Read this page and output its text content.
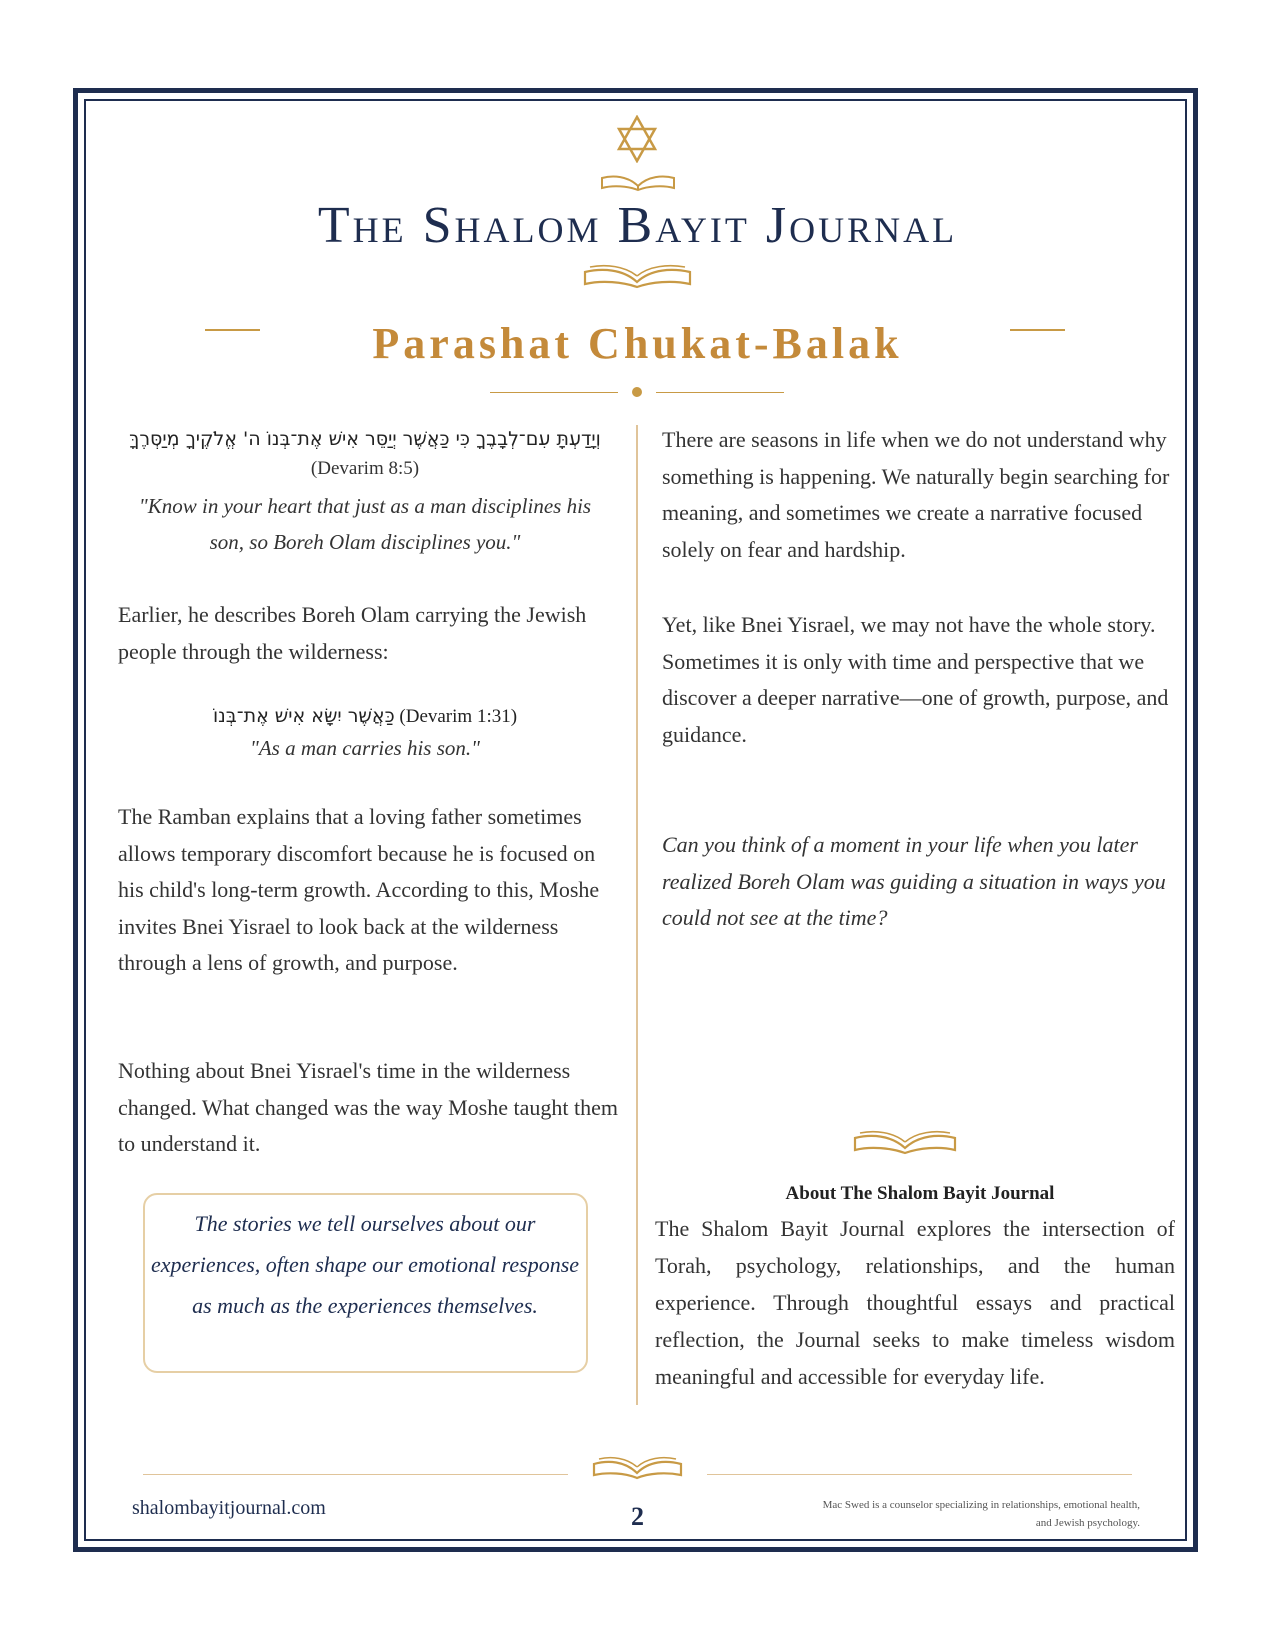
The Shalom Bayit Journal
Parashat Chukat-Balak
וְיָדַעְתָּ עִם־לְבָבֶךָ כִּי כַּאֲשֶׁר יְיַסֵּר אִישׁ אֶת־בְּנוֹ ה' אֱלֹקֶיךָ מְיַסְּרֶךָּ
(Devarim 8:5)
"Know in your heart that just as a man disciplines his son, so Boreh Olam disciplines you."

Earlier, he describes Boreh Olam carrying the Jewish people through the wilderness:

כַּאֲשֶׁר יִשָּׂא אִישׁ אֶת־בְּנוֹ (Devarim 1:31)
"As a man carries his son."

The Ramban explains that a loving father sometimes allows temporary discomfort because he is focused on his child's long-term growth. According to this, Moshe invites Bnei Yisrael to look back at the wilderness through a lens of growth, and purpose.

Nothing about Bnei Yisrael's time in the wilderness changed. What changed was the way Moshe taught them to understand it.

The stories we tell ourselves about our experiences, often shape our emotional response as much as the experiences themselves.

There are seasons in life when we do not understand why something is happening. We naturally begin searching for meaning, and sometimes we create a narrative focused solely on fear and hardship.

Yet, like Bnei Yisrael, we may not have the whole story. Sometimes it is only with time and perspective that we discover a deeper narrative—one of growth, purpose, and guidance.

Can you think of a moment in your life when you later realized Boreh Olam was guiding a situation in ways you could not see at the time?

About The Shalom Bayit Journal

The Shalom Bayit Journal explores the intersection of Torah, psychology, relationships, and the human experience. Through thoughtful essays and practical reflection, the Journal seeks to make timeless wisdom meaningful and accessible for everyday life.

shalombayitjournal.com	2	Mac Swed is a counselor specializing in relationships, emotional health, and Jewish psychology.
